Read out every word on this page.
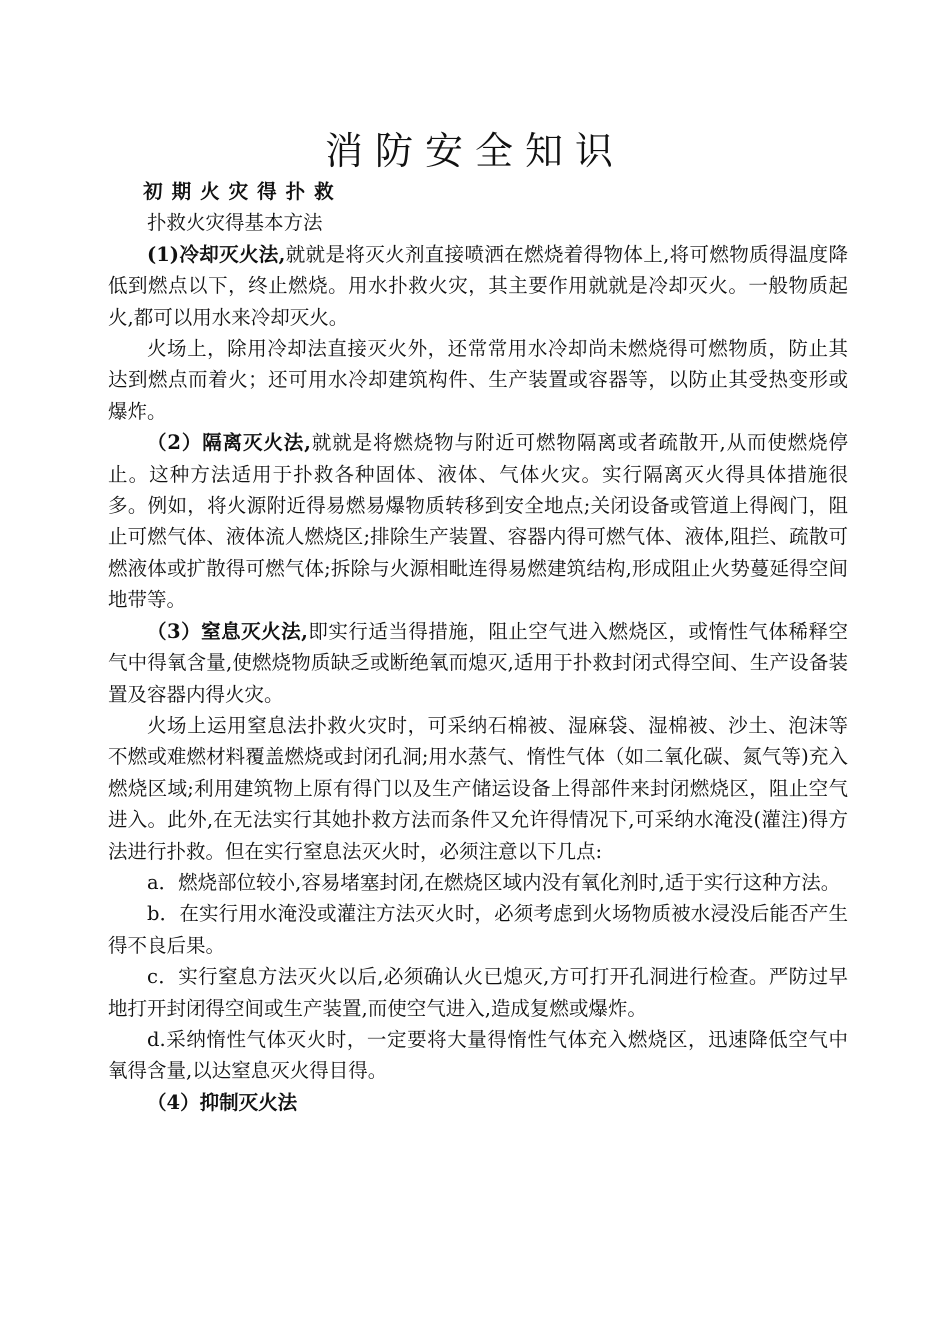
消防安全知识

初期火灾得扑救

扑救火灾得基本方法

(1)冷却灭火法,就就是将灭火剂直接喷洒在燃烧着得物体上,将可燃物质得温度降低到燃点以下，终止燃烧。用水扑救火灾，其主要作用就就是冷却灭火。一般物质起火,都可以用水来冷却灭火。

火场上，除用冷却法直接灭火外，还常常用水冷却尚未燃烧得可燃物质，防止其达到燃点而着火；还可用水冷却建筑构件、生产装置或容器等，以防止其受热变形或爆炸。

（2）隔离灭火法,就就是将燃烧物与附近可燃物隔离或者疏散开,从而使燃烧停止。这种方法适用于扑救各种固体、液体、气体火灾。实行隔离灭火得具体措施很多。例如，将火源附近得易燃易爆物质转移到安全地点;关闭设备或管道上得阀门，阻止可燃气体、液体流人燃烧区;排除生产装置、容器内得可燃气体、液体,阻拦、疏散可燃液体或扩散得可燃气体;拆除与火源相毗连得易燃建筑结构,形成阻止火势蔓延得空间地带等。

（3）窒息灭火法,即实行适当得措施，阻止空气进入燃烧区，或惰性气体稀释空气中得氧含量,使燃烧物质缺乏或断绝氧而熄灭,适用于扑救封闭式得空间、生产设备装置及容器内得火灾。

火场上运用窒息法扑救火灾时，可采纳石棉被、湿麻袋、湿棉被、沙土、泡沫等不燃或难燃材料覆盖燃烧或封闭孔洞;用水蒸气、惰性气体（如二氧化碳、氮气等)充入燃烧区域;利用建筑物上原有得门以及生产储运设备上得部件来封闭燃烧区，阻止空气进入。此外,在无法实行其她扑救方法而条件又允许得情况下,可采纳水淹没(灌注)得方法进行扑救。但在实行窒息法灭火时，必须注意以下几点:

a．燃烧部位较小,容易堵塞封闭,在燃烧区域内没有氧化剂时,适于实行这种方法。

b．在实行用水淹没或灌注方法灭火时，必须考虑到火场物质被水浸没后能否产生得不良后果。

c．实行窒息方法灭火以后,必须确认火已熄灭,方可打开孔洞进行检查。严防过早地打开封闭得空间或生产装置,而使空气进入,造成复燃或爆炸。

d.采纳惰性气体灭火时，一定要将大量得惰性气体充入燃烧区，迅速降低空气中氧得含量,以达窒息灭火得目得。

（4）抑制灭火法
